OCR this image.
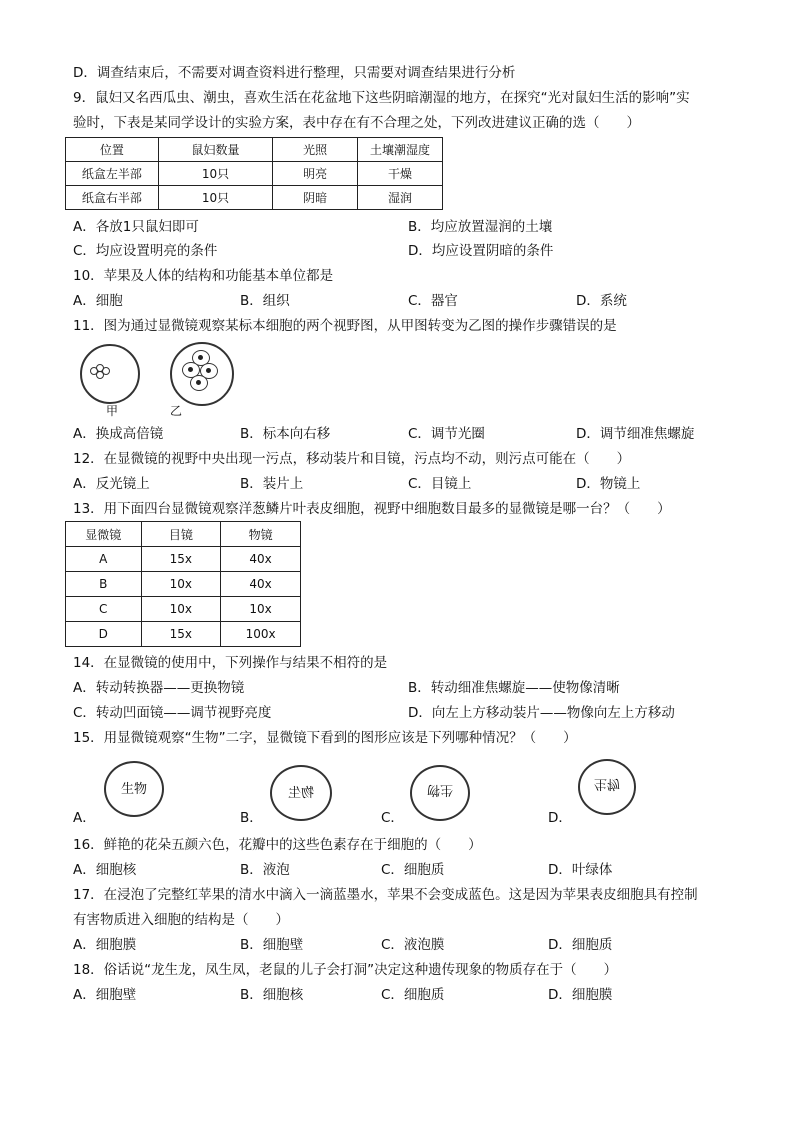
D．调查结束后，不需要对调查资料进行整理，只需要对调查结果进行分析
9．鼠妇又名西瓜虫、潮虫，喜欢生活在花盆地下这些阴暗潮湿的地方，在探究“光对鼠妇生活的影响”实
验时，下表是某同学设计的实验方案，表中存在有不合理之处，下列改进建议正确的选（　　）
位置	鼠妇数量	光照	土壤潮湿度
纸盒左半部	10只	明亮	干燥
纸盒右半部	10只	阴暗	湿润
A．各放1只鼠妇即可	B．均应放置湿润的土壤
C．均应设置明亮的条件	D．均应设置阴暗的条件
10．苹果及人体的结构和功能基本单位都是
A．细胞	B．组织	C．器官	D．系统
11．图为通过显微镜观察某标本细胞的两个视野图，从甲图转变为乙图的操作步骤错误的是
甲	乙
A．换成高倍镜	B．标本向右移	C．调节光圈	D．调节细准焦螺旋
12．在显微镜的视野中央出现一污点，移动装片和目镜，污点均不动，则污点可能在（　　）
A．反光镜上	B．装片上	C．目镜上	D．物镜上
13．用下面四台显微镜观察洋葱鳞片叶表皮细胞，视野中细胞数目最多的显微镜是哪一台？（　　）
显微镜	目镜	物镜
A	15x	40x
B	10x	40x
C	10x	10x
D	15x	100x
14．在显微镜的使用中，下列操作与结果不相符的是
A．转动转换器——更换物镜	B．转动细准焦螺旋——使物像清晰
C．转动凹面镜——调节视野亮度	D．向左上方移动装片——物像向左上方移动
15．用显微镜观察“生物”二字，显微镜下看到的图形应该是下列哪种情况？（　　）
生物	物生	生物	生物
A．	B．	C．	D．
16．鲜艳的花朵五颜六色，花瓣中的这些色素存在于细胞的（　　）
A．细胞核	B．液泡	C．细胞质	D．叶绿体
17．在浸泡了完整红苹果的清水中滴入一滴蓝墨水，苹果不会变成蓝色。这是因为苹果表皮细胞具有控制
有害物质进入细胞的结构是（　　）
A．细胞膜	B．细胞壁	C．液泡膜	D．细胞质
18．俗话说“龙生龙，凤生凤，老鼠的儿子会打洞”决定这种遗传现象的物质存在于（　　）
A．细胞壁	B．细胞核	C．细胞质	D．细胞膜
